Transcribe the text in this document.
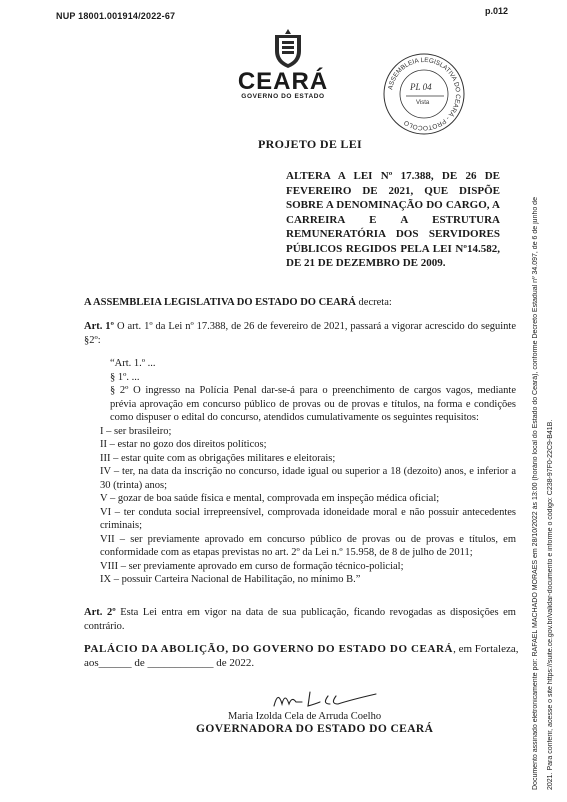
NUP 18001.001914/2022-67	p.012
CEARÁ
GOVERNO DO ESTADO
ASSEMBLEIA LEGISLATIVA DO CEARÁ - PROTOCOLO
PL 04
Vista
PROJETO DE LEI
ALTERA A LEI Nº 17.388, DE 26 DE FEVEREIRO DE 2021, QUE DISPÕE SOBRE A DENOMINAÇÃO DO CARGO, A CARREIRA E A ESTRUTURA REMUNERATÓRIA DOS SERVIDORES PÚBLICOS REGIDOS PELA LEI Nº14.582, DE 21 DE DEZEMBRO DE 2009.
A ASSEMBLEIA LEGISLATIVA DO ESTADO DO CEARÁ decreta:
Art. 1º O art. 1º da Lei nº 17.388, de 26 de fevereiro de 2021, passará a vigorar acrescido do seguinte §2º:
“Art. 1.º ...
§ 1º. ...
§ 2º O ingresso na Polícia Penal dar-se-á para o preenchimento de cargos vagos, mediante prévia aprovação em concurso público de provas ou de provas e títulos, na forma e condições como dispuser o edital do concurso, atendidos cumulativamente os seguintes requisitos:
I – ser brasileiro;
II – estar no gozo dos direitos políticos;
III – estar quite com as obrigações militares e eleitorais;
IV – ter, na data da inscrição no concurso, idade igual ou superior a 18 (dezoito) anos, e inferior a 30 (trinta) anos;
V – gozar de boa saúde física e mental, comprovada em inspeção médica oficial;
VI – ter conduta social irrepreensível, comprovada idoneidade moral e não possuir antecedentes criminais;
VII – ser previamente aprovado em concurso público de provas ou de provas e títulos, em conformidade com as etapas previstas no art. 2º da Lei n.º 15.958, de 8 de julho de 2011;
VIII – ser previamente aprovado em curso de formação técnico-policial;
IX – possuir Carteira Nacional de Habilitação, no mínimo B.”
Art. 2º Esta Lei entra em vigor na data de sua publicação, ficando revogadas as disposições em contrário.
PALÁCIO DA ABOLIÇÃO, DO GOVERNO DO ESTADO DO CEARÁ, em Fortaleza,
aos______ de ____________ de 2022.
Maria Izolda Cela de Arruda Coelho
GOVERNADORA DO ESTADO DO CEARÁ	Documento assinado eletronicamente por: RAFAEL MACHADO MORAES em 28/10/2022 às 13:00 (horário local do Estado do Ceará), conforme Decreto Estadual nº 34.097, de 6 de junho de	2021. Para conferir, acesse o site https://suite.ce.gov.br/validar-documento e informe o código: C238-97F0-22C9-B41B.
